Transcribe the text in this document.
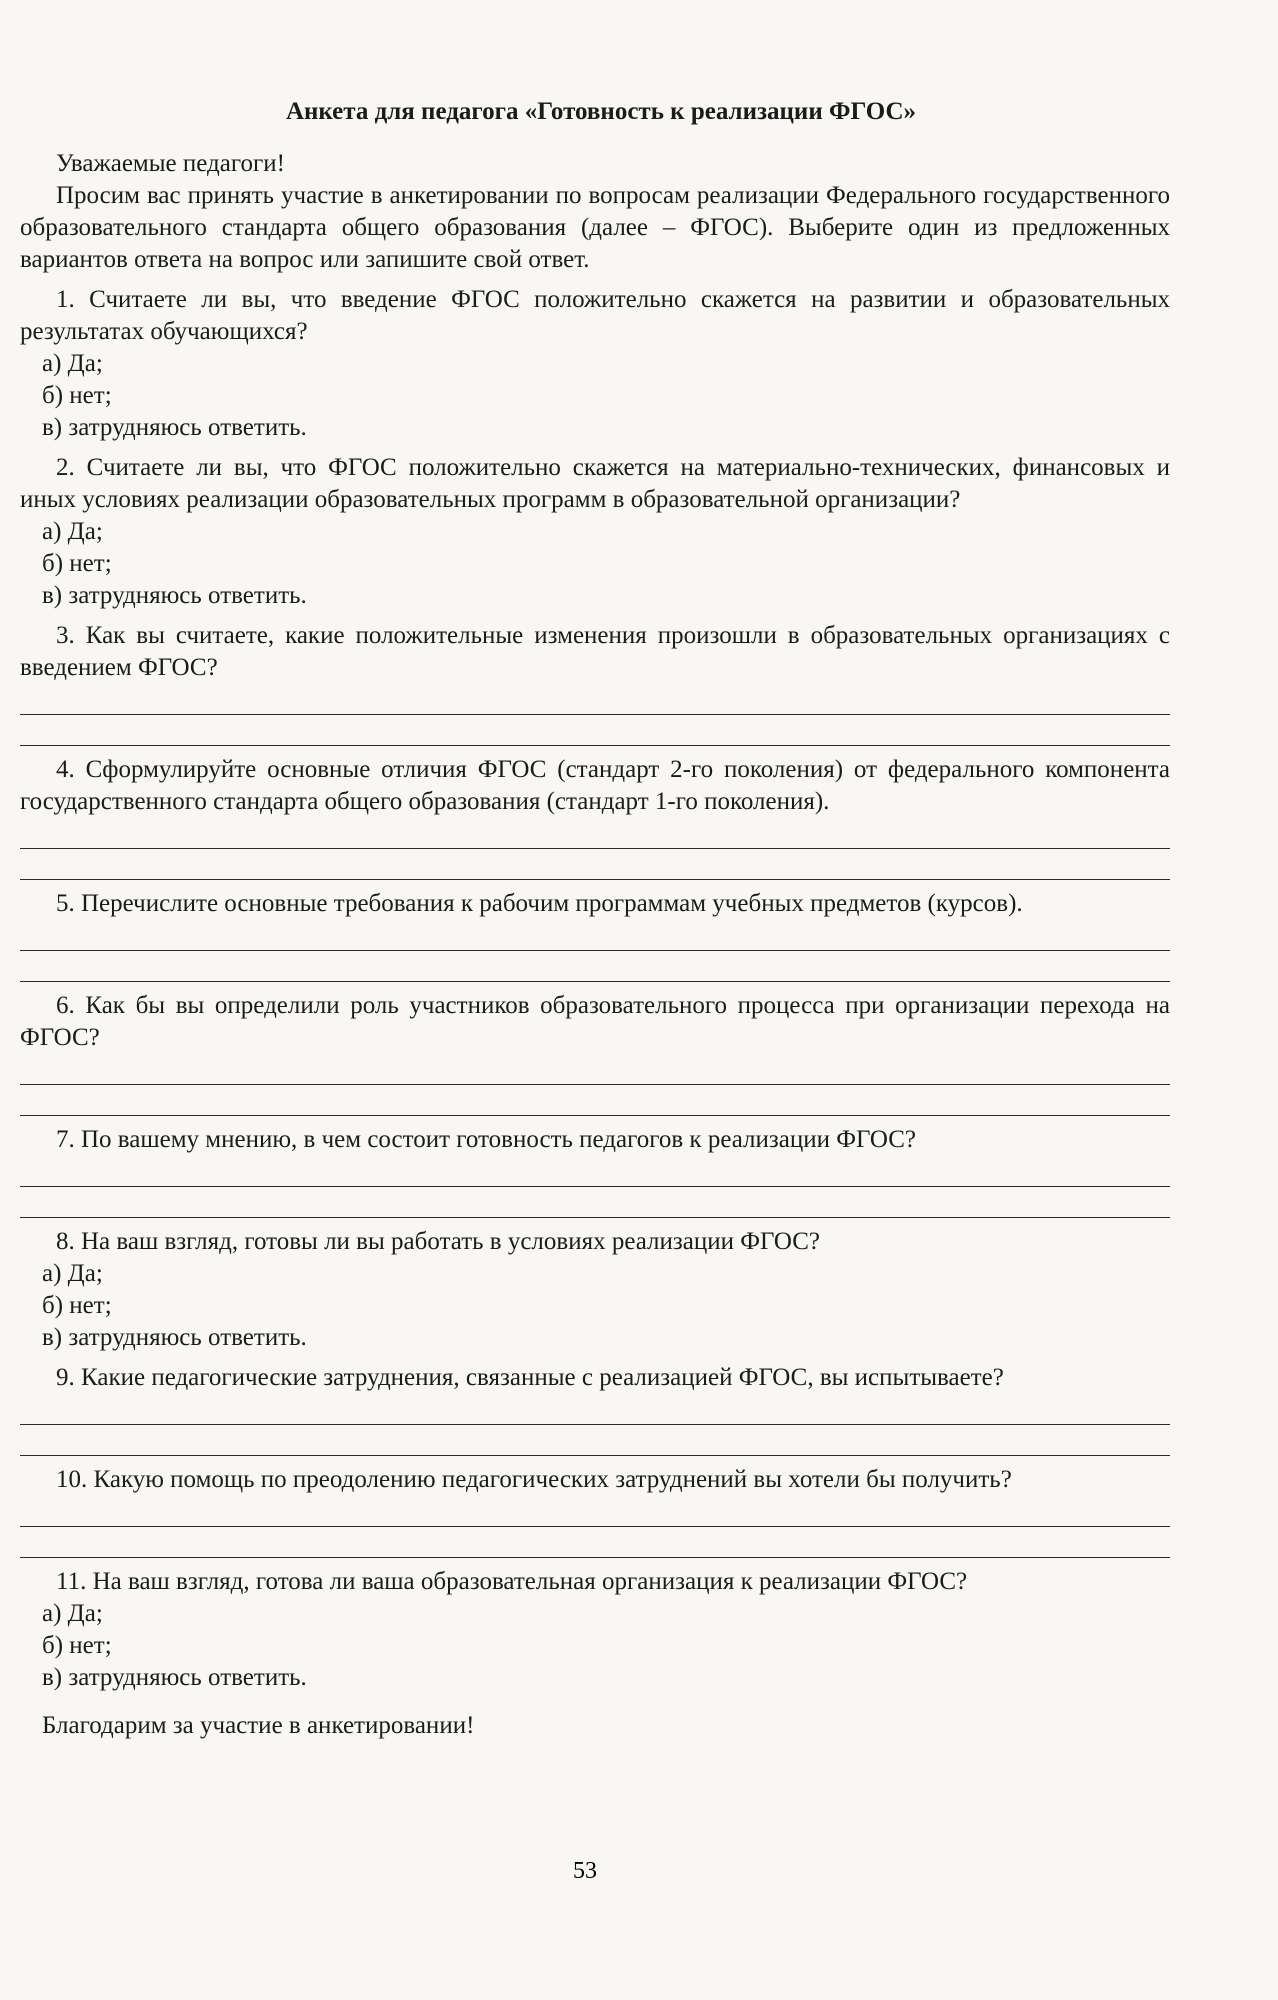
Анкета для педагога «Готовность к реализации ФГОС»

Уважаемые педагоги!

Просим вас принять участие в анкетировании по вопросам реализации Федерального государственного образовательного стандарта общего образования (далее – ФГОС). Выберите один из предложенных вариантов ответа на вопрос или запишите свой ответ.

1. Считаете ли вы, что введение ФГОС положительно скажется на развитии и образовательных результатах обучающихся?

а) Да;

б) нет;

в) затрудняюсь ответить.

2. Считаете ли вы, что ФГОС положительно скажется на материально-технических, финансовых и иных условиях реализации образовательных программ в образовательной организации?

а) Да;

б) нет;

в) затрудняюсь ответить.

3. Как вы считаете, какие положительные изменения произошли в образовательных организациях с введением ФГОС?

4. Сформулируйте основные отличия ФГОС (стандарт 2-го поколения) от федерального компонента государственного стандарта общего образования (стандарт 1-го поколения).

5. Перечислите основные требования к рабочим программам учебных предметов (курсов).

6. Как бы вы определили роль участников образовательного процесса при организации перехода на ФГОС?

7. По вашему мнению, в чем состоит готовность педагогов к реализации ФГОС?

8. На ваш взгляд, готовы ли вы работать в условиях реализации ФГОС?

а) Да;

б) нет;

в) затрудняюсь ответить.

9. Какие педагогические затруднения, связанные с реализацией ФГОС, вы испытываете?

10. Какую помощь по преодолению педагогических затруднений вы хотели бы получить?

11. На ваш взгляд, готова ли ваша образовательная организация к реализации ФГОС?

а) Да;

б) нет;

в) затрудняюсь ответить.

Благодарим за участие в анкетировании!

53
